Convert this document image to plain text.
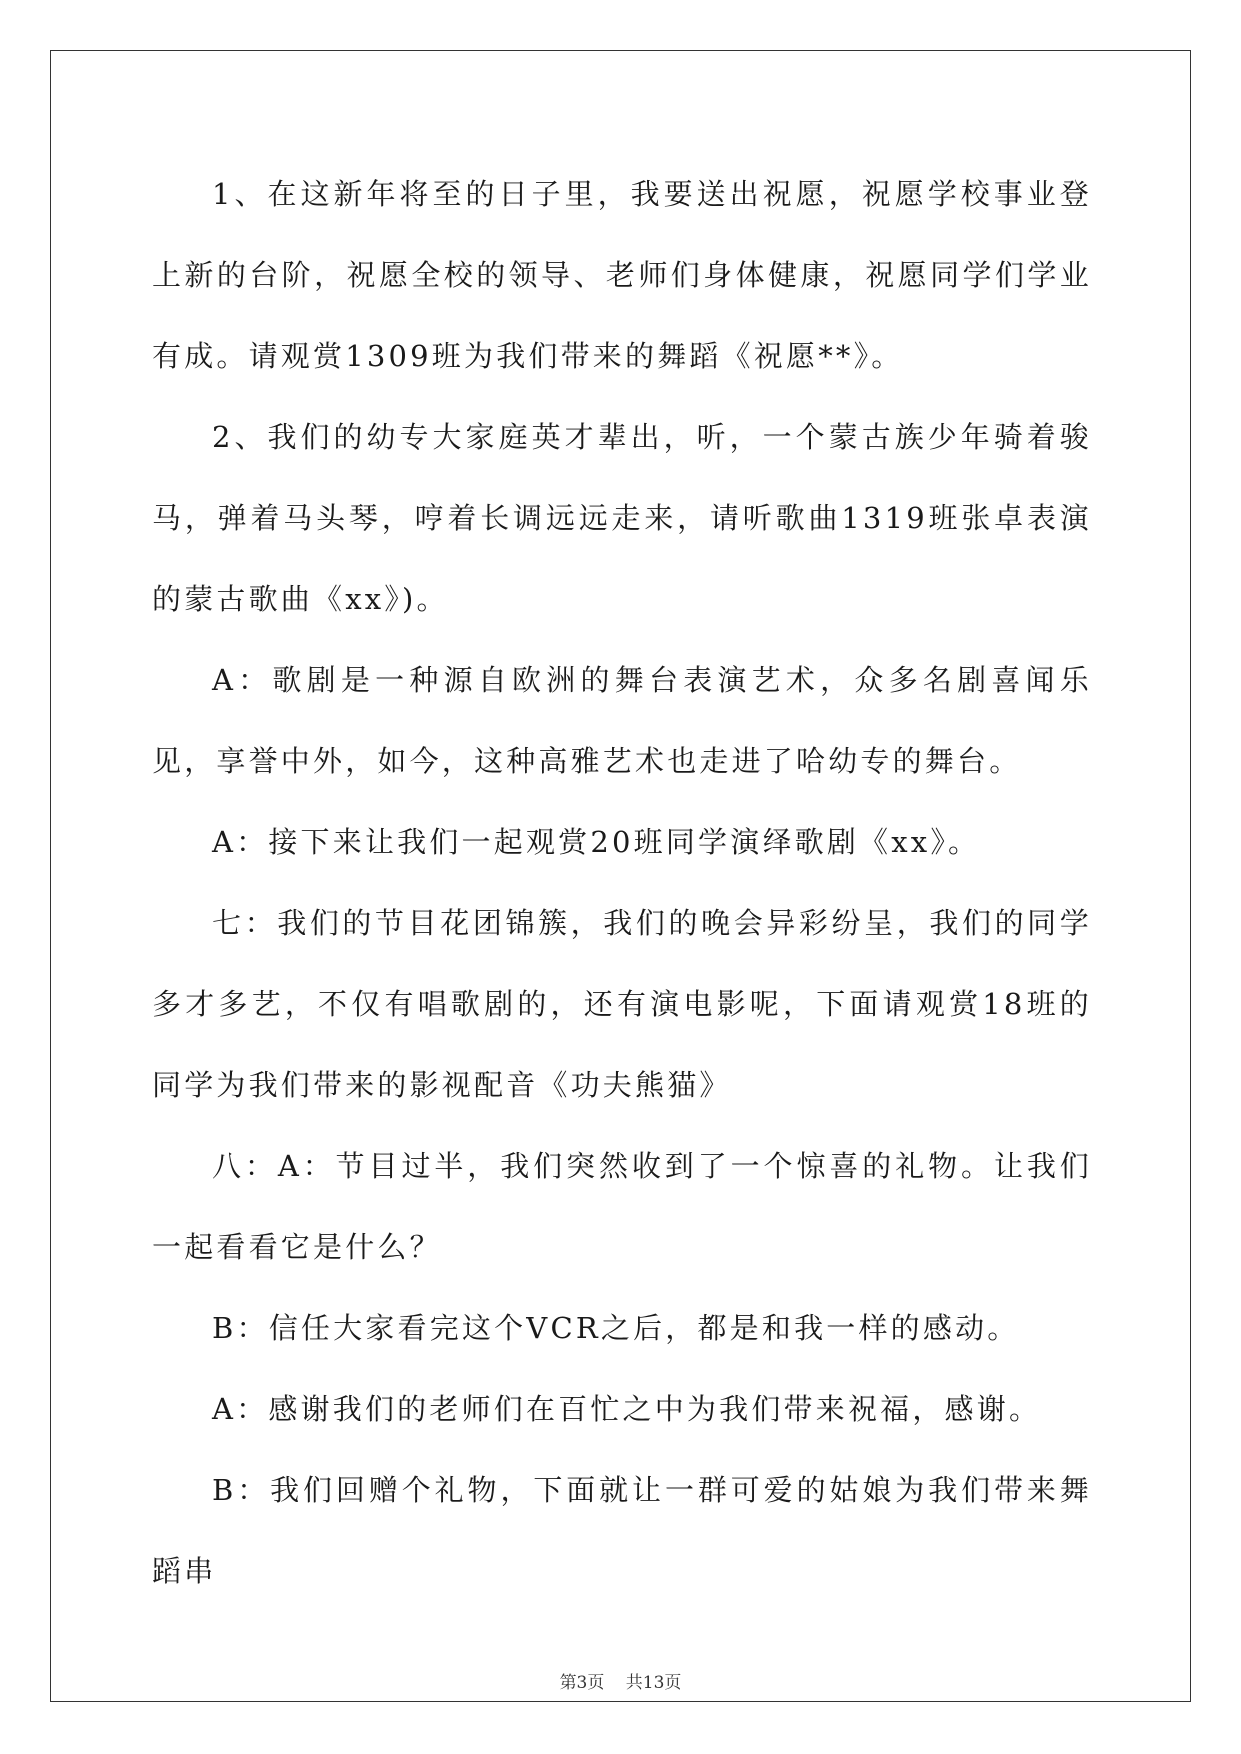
1、在这新年将至的日子里，我要送出祝愿，祝愿学校事业登上新的台阶，祝愿全校的领导、老师们身体健康，祝愿同学们学业有成。请观赏1309班为我们带来的舞蹈《祝愿**》。

2、我们的幼专大家庭英才辈出，听，一个蒙古族少年骑着骏马，弹着马头琴，哼着长调远远走来，请听歌曲1319班张卓表演的蒙古歌曲《xx》)。

A：歌剧是一种源自欧洲的舞台表演艺术，众多名剧喜闻乐见，享誉中外，如今，这种高雅艺术也走进了哈幼专的舞台。

A：接下来让我们一起观赏20班同学演绎歌剧《xx》。

七：我们的节目花团锦簇，我们的晚会异彩纷呈，我们的同学多才多艺，不仅有唱歌剧的，还有演电影呢，下面请观赏18班的同学为我们带来的影视配音《功夫熊猫》

八：A：节目过半，我们突然收到了一个惊喜的礼物。让我们一起看看它是什么？

B：信任大家看完这个VCR之后，都是和我一样的感动。

A：感谢我们的老师们在百忙之中为我们带来祝福，感谢。

B：我们回赠个礼物，下面就让一群可爱的姑娘为我们带来舞蹈串

第3页 共13页
